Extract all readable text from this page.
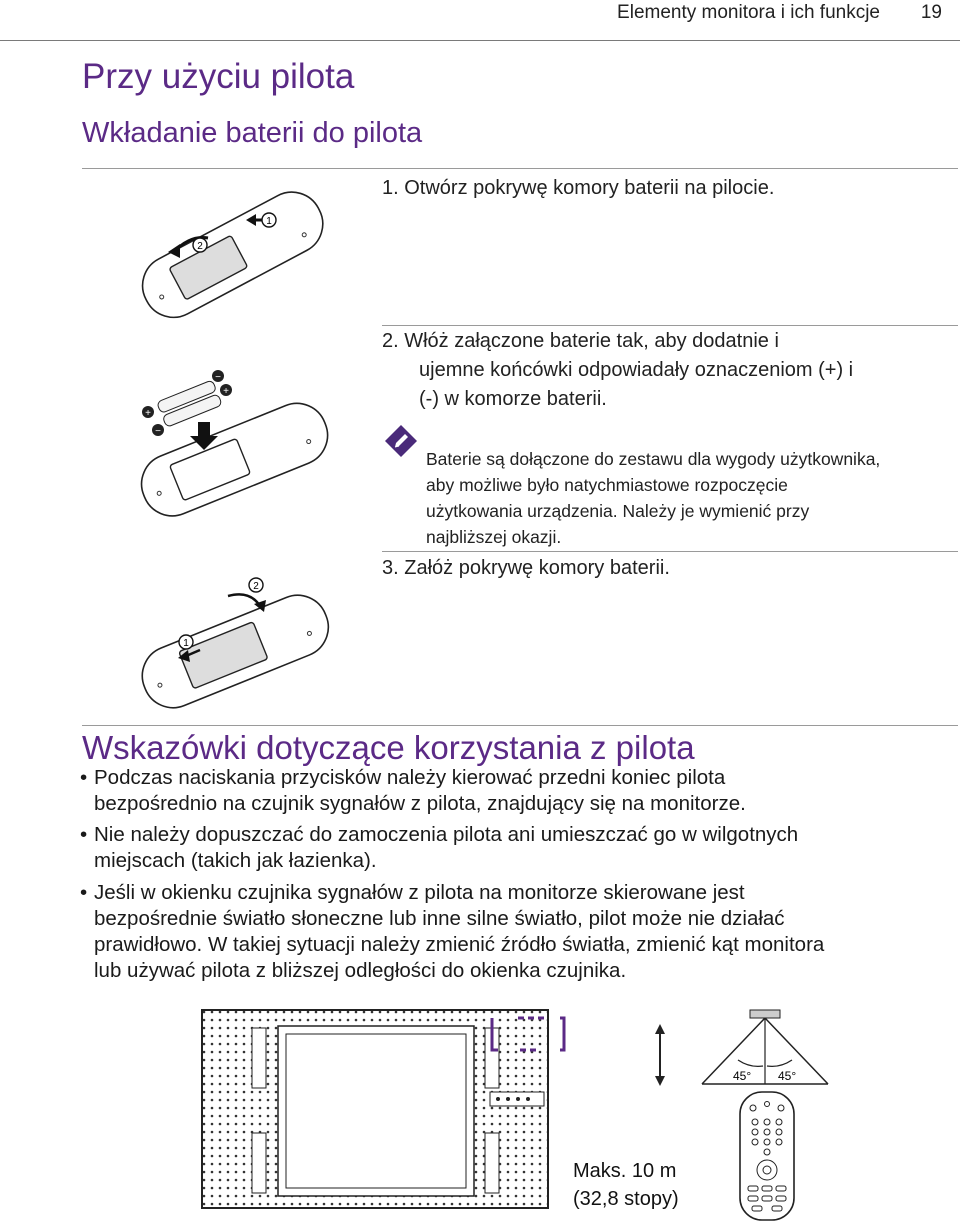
Elementy monitora i ich funkcje 19
Przy użyciu pilota
Wkładanie baterii do pilota
1. Otwórz pokrywę komory baterii na pilocie.
2
1
2. Włóż załączone baterie tak, aby dodatnie i
ujemne końcówki odpowiadały oznaczeniom (+) i
(-) w komorze baterii.
+
−
−
+
Baterie są dołączone do zestawu dla wygody użytkownika,
aby możliwe było natychmiastowe rozpoczęcie
użytkowania urządzenia. Należy je wymienić przy
najbliższej okazji.
3. Załóż pokrywę komory baterii.
2
1
Wskazówki dotyczące korzystania z pilota
• Podczas naciskania przycisków należy kierować przedni koniec pilota
bezpośrednio na czujnik sygnałów z pilota, znajdujący się na monitorze.
• Nie należy dopuszczać do zamoczenia pilota ani umieszczać go w wilgotnych
miejscach (takich jak łazienka).
• Jeśli w okienku czujnika sygnałów z pilota na monitorze skierowane jest
bezpośrednie światło słoneczne lub inne silne światło, pilot może nie działać
prawidłowo. W takiej sytuacji należy zmienić źródło światła, zmienić kąt monitora
lub używać pilota z bliższej odległości do okienka czujnika.
45° 45°
Maks. 10 m
(32,8 stopy)
